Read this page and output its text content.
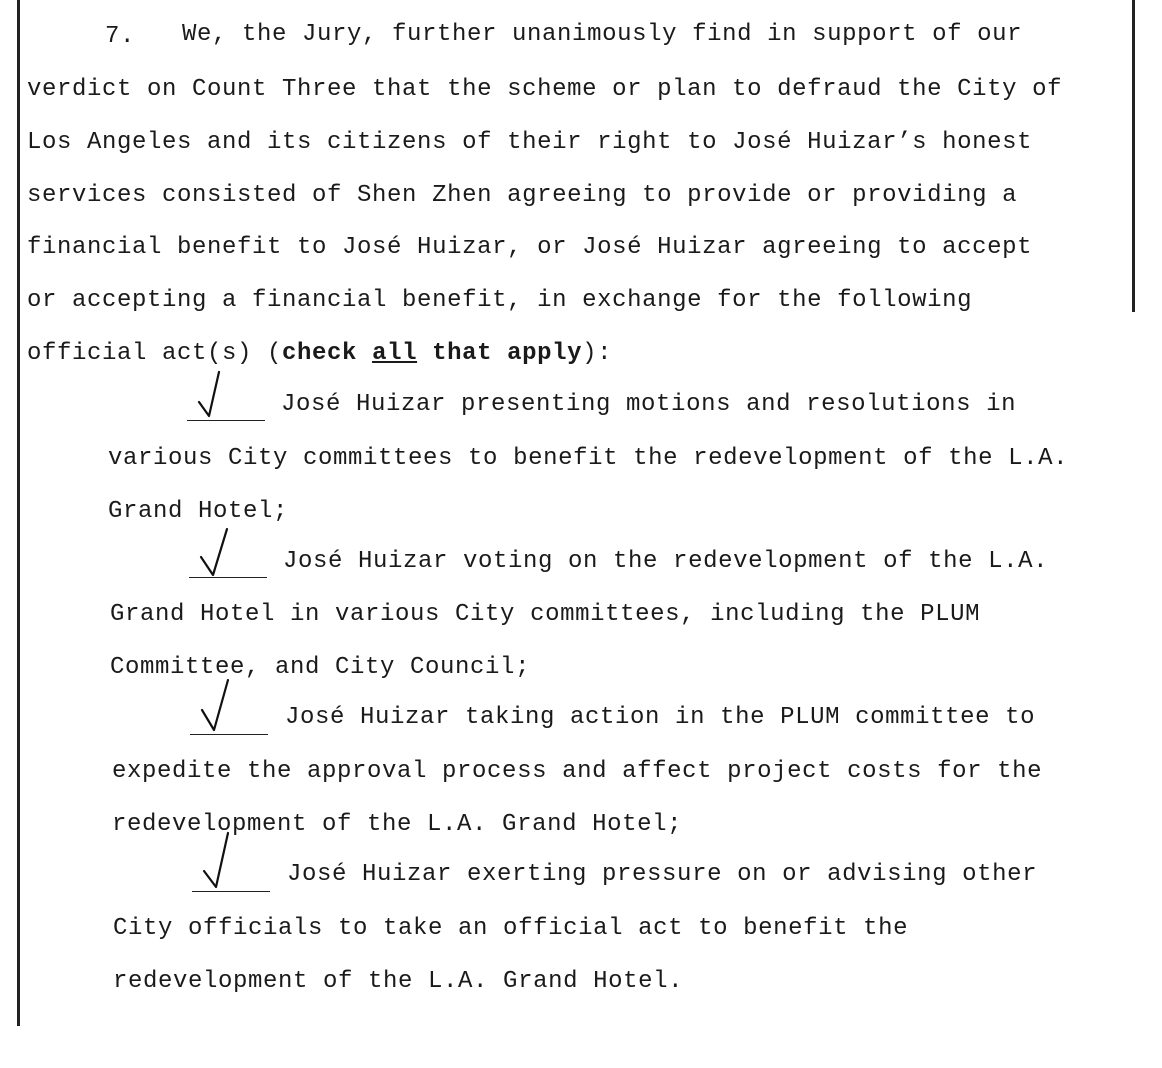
7. We, the Jury, further unanimously find in support of our
verdict on Count Three that the scheme or plan to defraud the City of
Los Angeles and its citizens of their right to José Huizar’s honest
services consisted of Shen Zhen agreeing to provide or providing a
financial benefit to José Huizar, or José Huizar agreeing to accept
or accepting a financial benefit, in exchange for the following
official act(s) (check all that apply):
José Huizar presenting motions and resolutions in
various City committees to benefit the redevelopment of the L.A.
Grand Hotel;
José Huizar voting on the redevelopment of the L.A.
Grand Hotel in various City committees, including the PLUM
Committee, and City Council;
José Huizar taking action in the PLUM committee to
expedite the approval process and affect project costs for the
redevelopment of the L.A. Grand Hotel;
José Huizar exerting pressure on or advising other
City officials to take an official act to benefit the
redevelopment of the L.A. Grand Hotel.
